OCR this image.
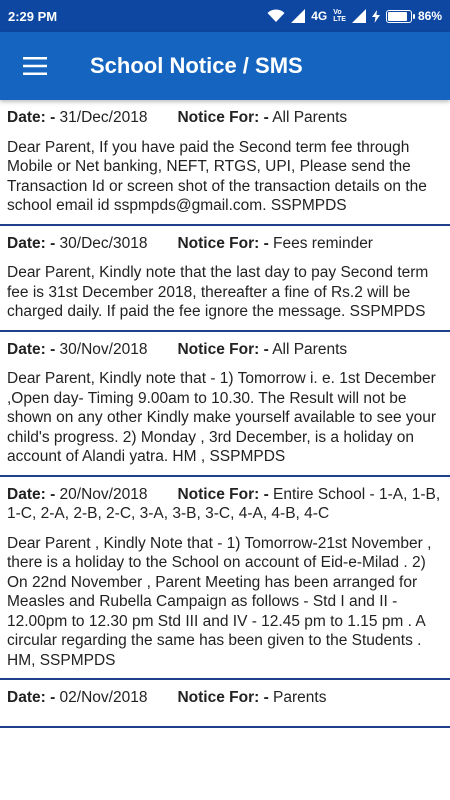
2:29 PM	4G Vo
LTE	86%
School Notice / SMS
Date: - 31/Dec/2018 Notice For: - All Parents
Dear Parent, If you have paid the Second term fee through Mobile or Net banking, NEFT, RTGS, UPI, Please send the Transaction Id or screen shot of the transaction details on the school email id sspmpds@gmail.com. SSPMPDS
Date: - 30/Dec/3018 Notice For: - Fees reminder
Dear Parent, Kindly note that the last day to pay Second term fee is 31st December 2018, thereafter a fine of Rs.2 will be charged daily. If paid the fee ignore the message. SSPMPDS
Date: - 30/Nov/2018 Notice For: - All Parents
Dear Parent, Kindly note that - 1) Tomorrow i. e. 1st December ,Open day- Timing 9.00am to 10.30. The Result will not be shown on any other Kindly make yourself available to see your child's progress. 2) Monday , 3rd December, is a holiday on account of Alandi yatra. HM , SSPMPDS
Date: - 20/Nov/2018 Notice For: - Entire School - 1-A, 1-B, 1-C, 2-A, 2-B, 2-C, 3-A, 3-B, 3-C, 4-A, 4-B, 4-C
Dear Parent , Kindly Note that - 1) Tomorrow-21st November , there is a holiday to the School on account of Eid-e-Milad . 2) On 22nd November , Parent Meeting has been arranged for Measles and Rubella Campaign as follows - Std I and II - 12.00pm to 12.30 pm Std III and IV - 12.45 pm to 1.15 pm . A circular regarding the same has been given to the Students . HM, SSPMPDS
Date: - 02/Nov/2018 Notice For: - Parents
